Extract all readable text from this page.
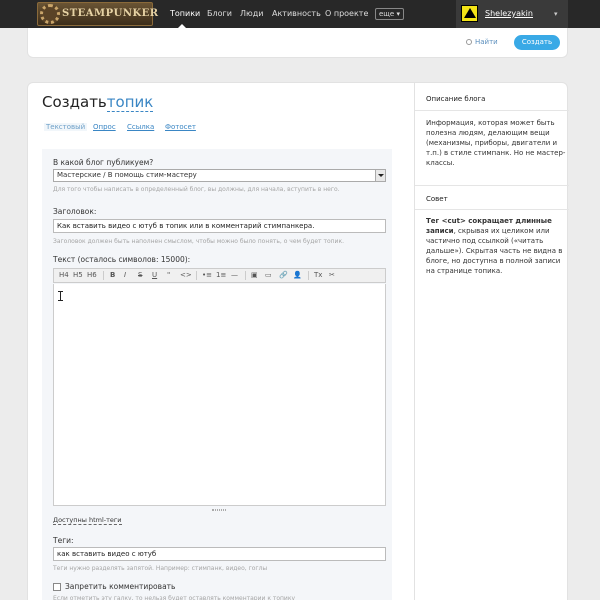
STEAMPUNKER Топики Блоги Люди Активность О проекте	еще ▾	Shelezyakin	▾
Найти	Создать
Создатьтопик
Текстовый Опрос Ссылка Фотосет
В какой блог публикуем?
Мастерские / В помощь стим-мастеру
Для того чтобы написать в определенный блог, вы должны, для начала, вступить в него.
Заголовок:
Как вставить видео с ютуб в топик или в комментарий стимпанкера.
Заголовок должен быть наполнен смыслом, чтобы можно было понять, о чем будет топик.
Текст (осталось символов: 15000):
H4 H5 H6 B I S U " <> •≡ 1≡ — ▣ ▭ 🔗 👤 Tx ✂
Доступны html-теги
Теги:
как вставить видео с ютуб
Теги нужно разделять запятой. Например: стимпанк, видео, гоглы
Запретить комментировать
Если отметить эту галку, то нельзя будет оставлять комментарии к топику
Описание блога
Информация, которая может быть полезна людям, делающим вещи (механизмы, приборы, двигатели и т.п.) в стиле стимпанк. Но не мастер-классы.
Совет
Тег <cut> сокращает длинные записи, скрывая их целиком или частично под ссылкой («читать дальше»). Скрытая часть не видна в блоге, но доступна в полной записи на странице топика.
